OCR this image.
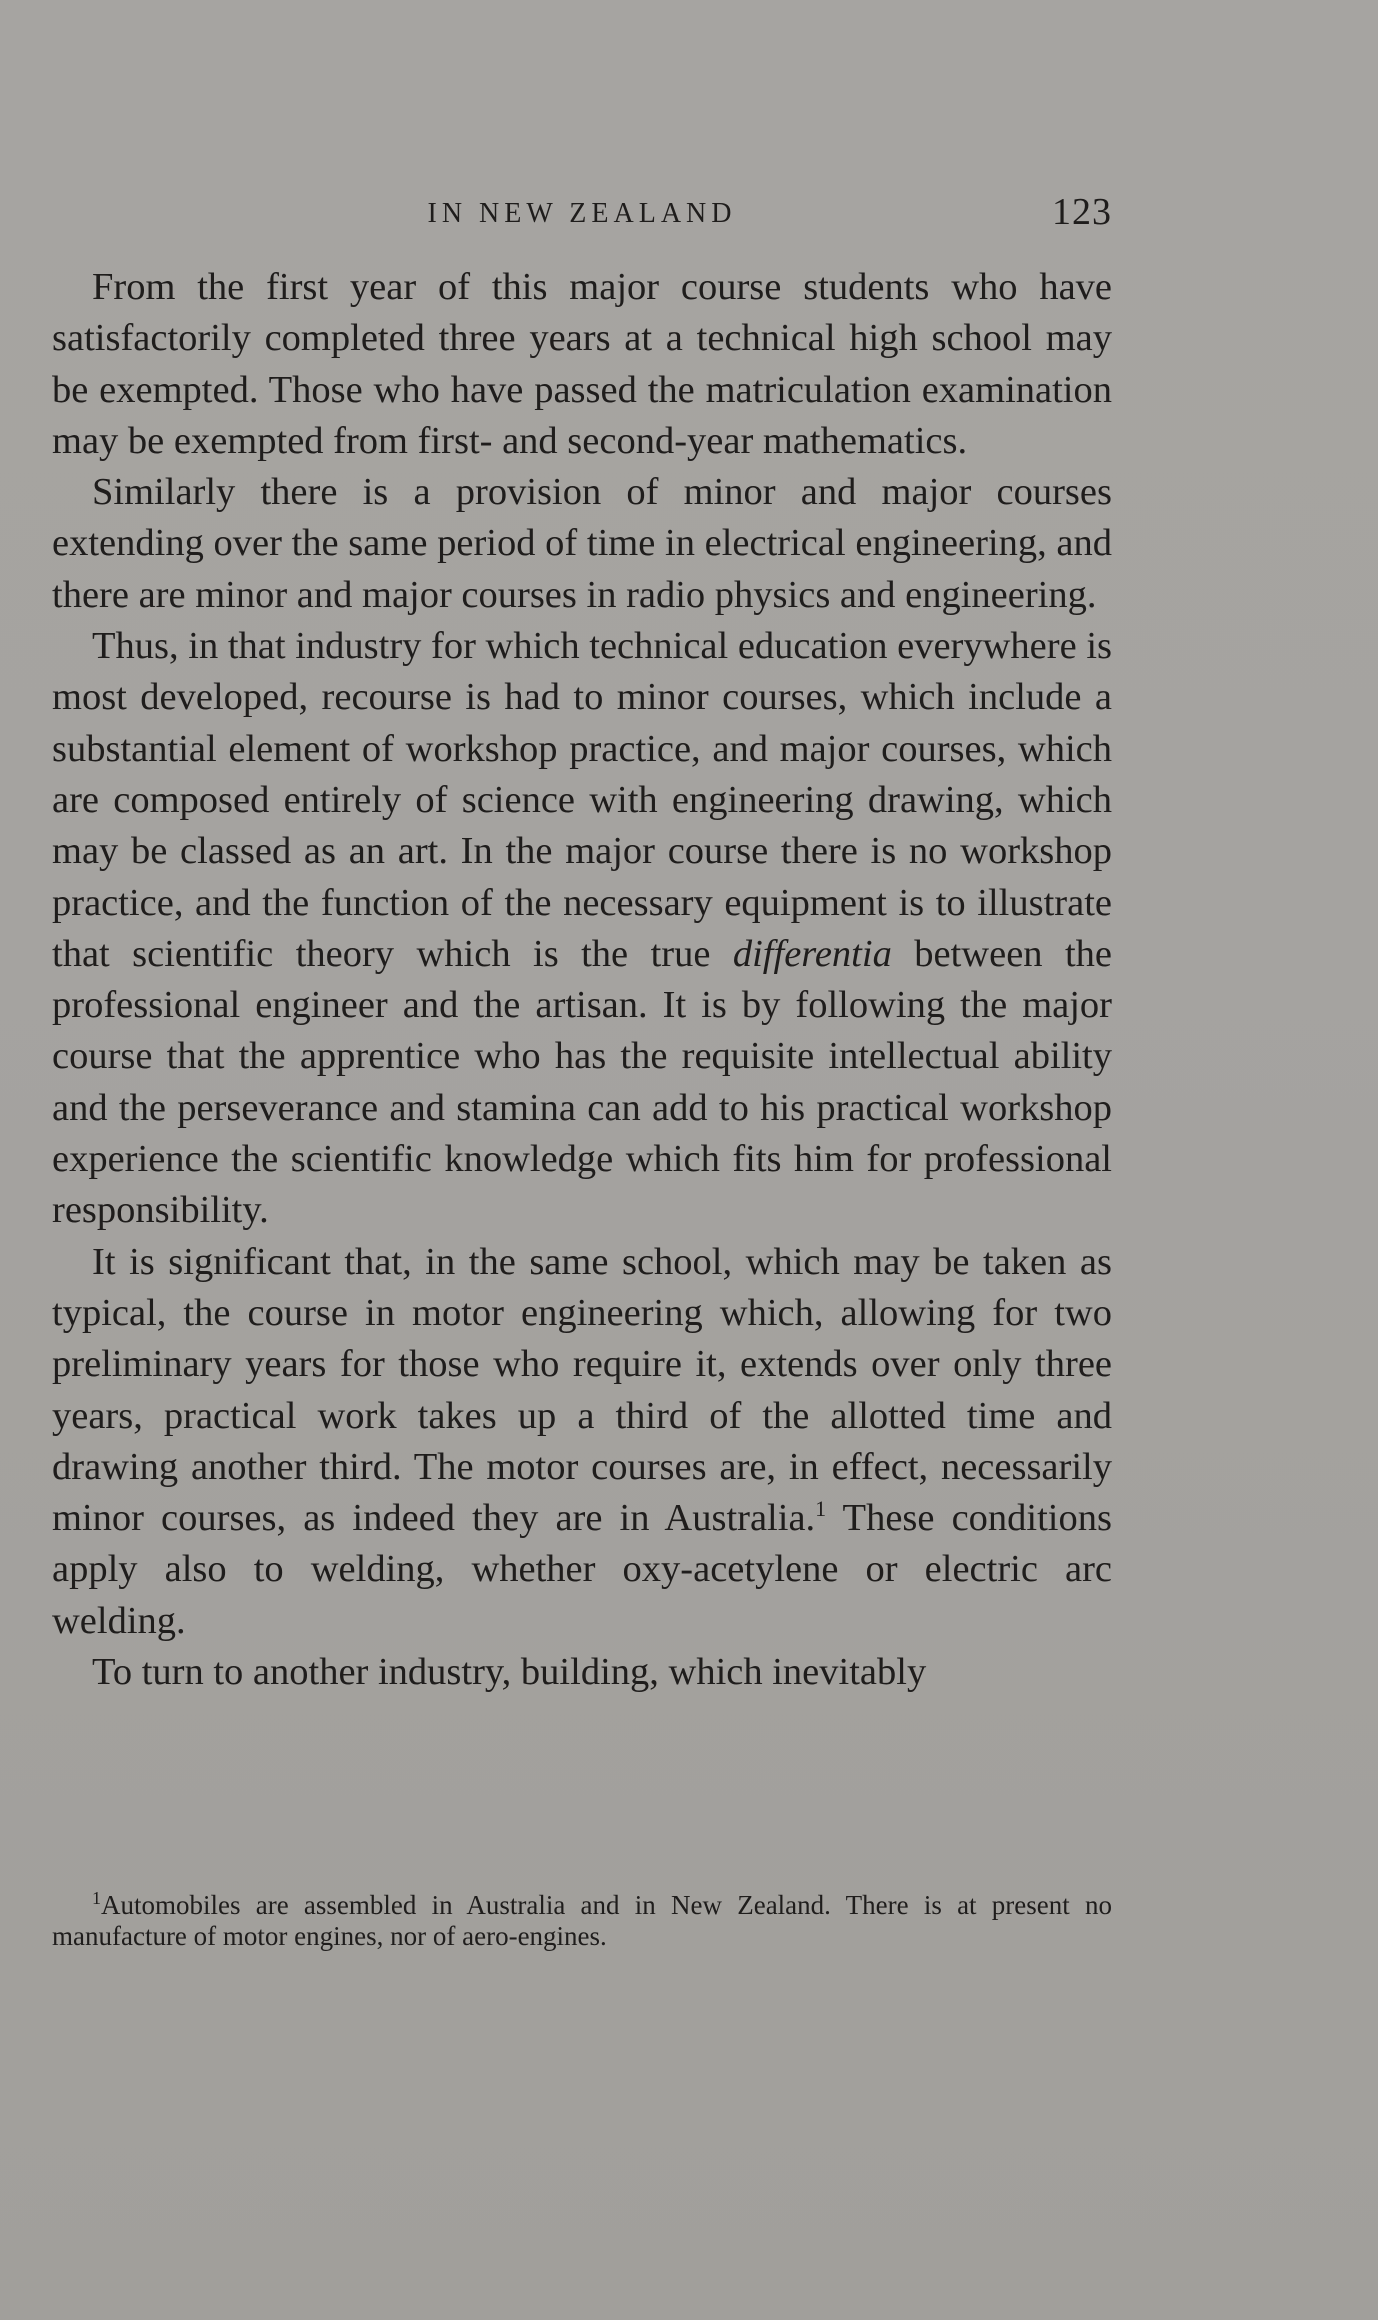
IN NEW ZEALAND	123

From the first year of this major course students who have satisfactorily completed three years at a technical high school may be exempted. Those who have passed the matriculation examination may be exempted from first- and second-year mathematics.

Similarly there is a provision of minor and major courses extending over the same period of time in electrical engineering, and there are minor and major courses in radio physics and engineering.

Thus, in that industry for which technical education everywhere is most developed, recourse is had to minor courses, which include a substantial element of workshop practice, and major courses, which are composed entirely of science with engineering drawing, which may be classed as an art. In the major course there is no workshop practice, and the function of the necessary equipment is to illustrate that scientific theory which is the true differentia between the professional engineer and the artisan. It is by following the major course that the apprentice who has the requisite intellectual ability and the perseverance and stamina can add to his practical workshop experience the scientific knowledge which fits him for professional responsibility.

It is significant that, in the same school, which may be taken as typical, the course in motor engineering which, allowing for two preliminary years for those who require it, extends over only three years, practical work takes up a third of the allotted time and drawing another third. The motor courses are, in effect, necessarily minor courses, as indeed they are in Australia.$^1$ These conditions apply also to welding, whether oxy-acetylene or electric arc welding.

To turn to another industry, building, which inevitably

$^1$Automobiles are assembled in Australia and in New Zealand. There is at present no manufacture of motor engines, nor of aero-engines.
